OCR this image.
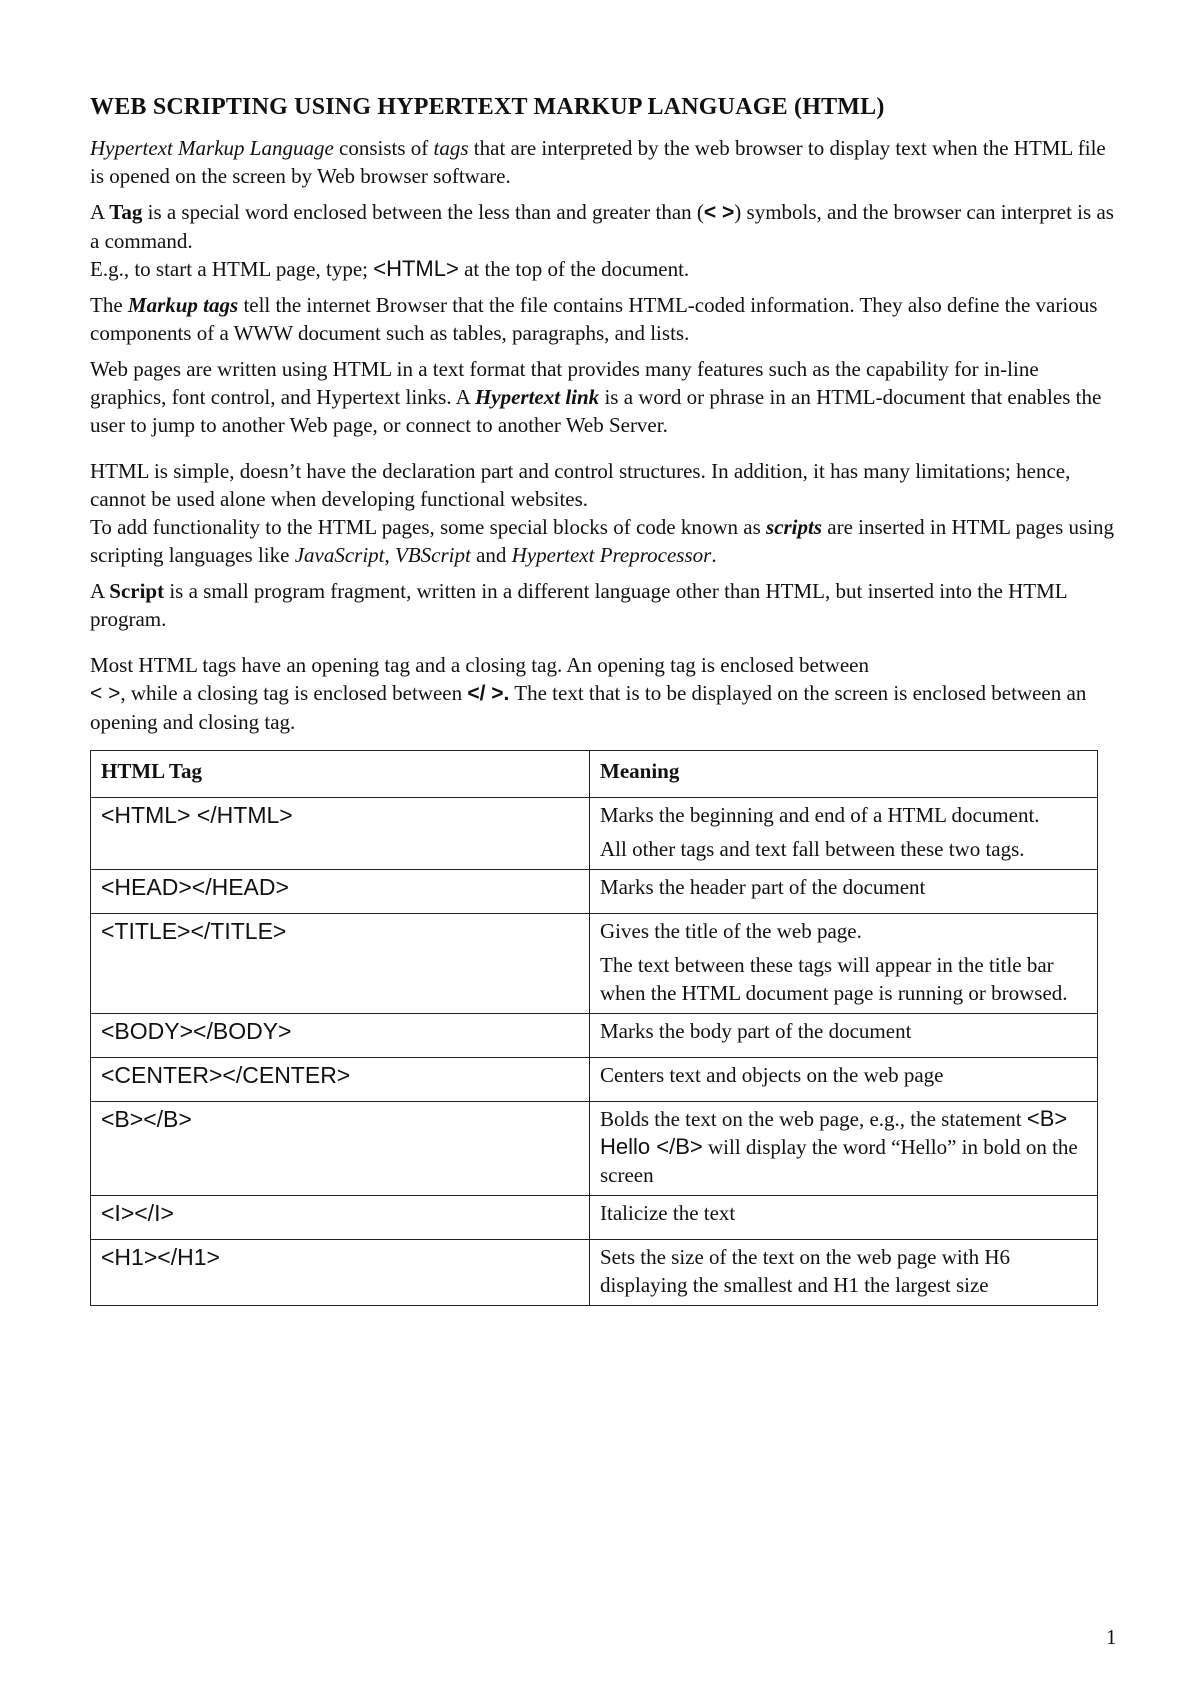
WEB SCRIPTING USING HYPERTEXT MARKUP LANGUAGE (HTML)

Hypertext Markup Language consists of tags that are interpreted by the web browser to display text when the HTML file is opened on the screen by Web browser software.

A Tag is a special word enclosed between the less than and greater than (< >) symbols, and the browser can interpret is as a command.

E.g., to start a HTML page, type; <HTML> at the top of the document.

The Markup tags tell the internet Browser that the file contains HTML-coded information. They also define the various components of a WWW document such as tables, paragraphs, and lists.

Web pages are written using HTML in a text format that provides many features such as the capability for in-line graphics, font control, and Hypertext links. A Hypertext link is a word or phrase in an HTML-document that enables the user to jump to another Web page, or connect to another Web Server.

HTML is simple, doesn’t have the declaration part and control structures. In addition, it has many limitations; hence, cannot be used alone when developing functional websites.
To add functionality to the HTML pages, some special blocks of code known as scripts are inserted in HTML pages using scripting languages like JavaScript, VBScript and Hypertext Preprocessor.

A Script is a small program fragment, written in a different language other than HTML, but inserted into the HTML program.

Most HTML tags have an opening tag and a closing tag. An opening tag is enclosed between
< >, while a closing tag is enclosed between </ >. The text that is to be displayed on the screen is enclosed between an opening and closing tag.

HTML Tag	Meaning
<HTML> </HTML>	Marks the beginning and end of a HTML document.

All other tags and text fall between these two tags.

<HEAD></HEAD>	Marks the header part of the document

<TITLE></TITLE>	Gives the title of the web page.

The text between these tags will appear in the title bar when the HTML document page is running or browsed.

<BODY></BODY>	Marks the body part of the document

<CENTER></CENTER>	Centers text and objects on the web page

<B></B>	Bolds the text on the web page, e.g., the statement <B> Hello </B> will display the word “Hello” in bold on the screen

<I></I>	Italicize the text

<H1></H1>	Sets the size of the text on the web page with H6 displaying the smallest and H1 the largest size

1
